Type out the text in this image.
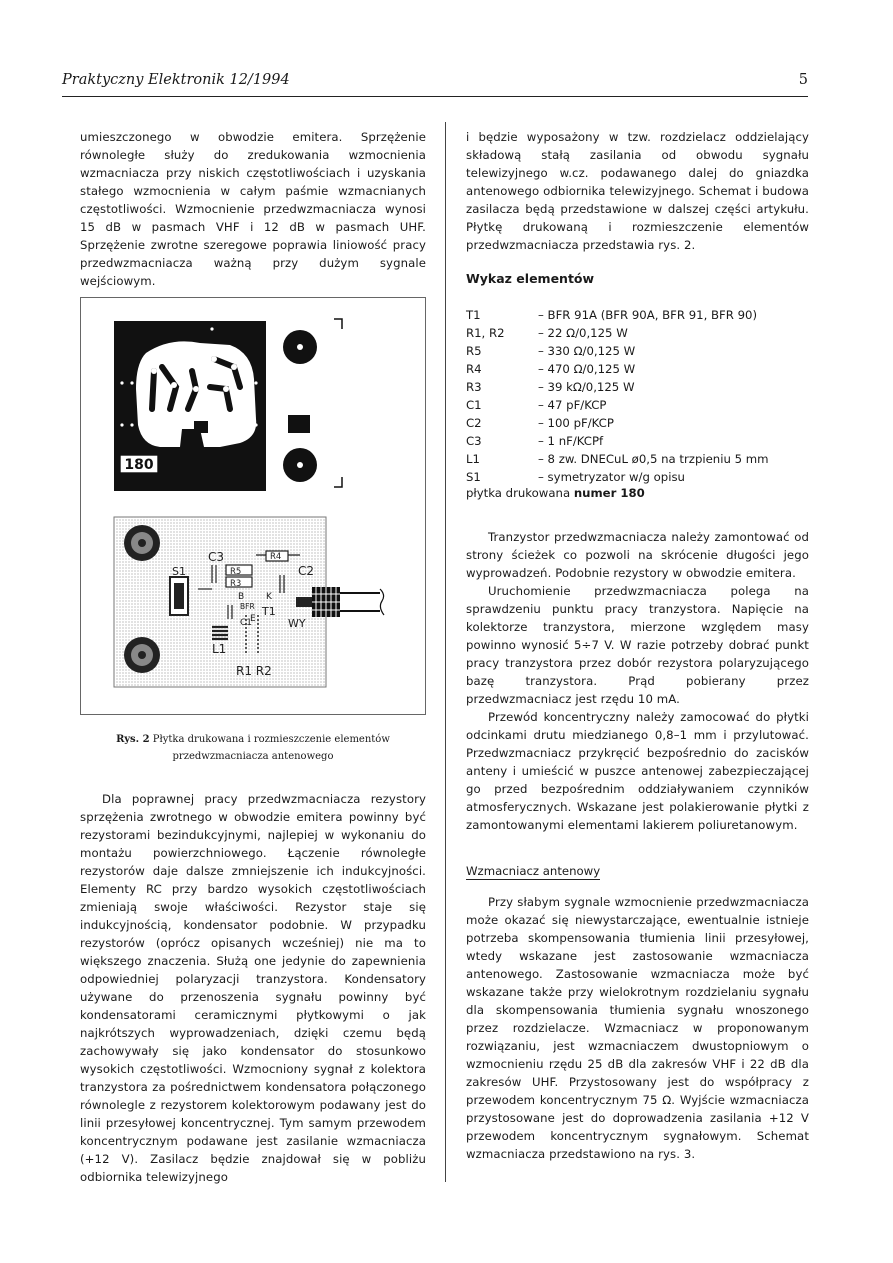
Praktyczny Elektronik 12/1994	5

umieszczonego w obwodzie emitera. Sprzężenie równoległe służy do zredukowania wzmocnienia wzmacniacza przy niskich częstotliwościach i uzyskania stałego wzmocnienia w całym paśmie wzmacnianych częstotliwości. Wzmocnienie przedwzmacniacza wynosi 15 dB w pasmach VHF i 12 dB w pasmach UHF. Sprzężenie zwrotne szeregowe poprawia liniowość pracy przedwzmacniacza ważną przy dużym sygnale wejściowym.

180
C3	R4
R5
R3
C2
S1
B K
BFR T1
E
C1	WY
L1
R1 R2
Rys. 2 Płytka drukowana i rozmieszczenie elementów przedwzmacniacza antenowego

Dla poprawnej pracy przedwzmacniacza rezystory sprzężenia zwrotnego w obwodzie emitera powinny być rezystorami bezindukcyjnymi, najlepiej w wykonaniu do montażu powierzchniowego. Łączenie równoległe rezystorów daje dalsze zmniejszenie ich indukcyjności. Elementy RC przy bardzo wysokich częstotliwościach zmieniają swoje właściwości. Rezystor staje się indukcyjnością, kondensator podobnie. W przypadku rezystorów (oprócz opisanych wcześniej) nie ma to większego znaczenia. Służą one jedynie do zapewnienia odpowiedniej polaryzacji tranzystora. Kondensatory używane do przenoszenia sygnału powinny być kondensatorami ceramicznymi płytkowymi o jak najkrótszych wyprowadzeniach, dzięki czemu będą zachowywały się jako kondensator do stosunkowo wysokich częstotliwości. Wzmocniony sygnał z kolektora tranzystora za pośrednictwem kondensatora połączonego równolegle z rezystorem kolektorowym podawany jest do linii przesyłowej koncentrycznej. Tym samym przewodem koncentrycznym podawane jest zasilanie wzmacniacza (+12 V). Zasilacz będzie znajdował się w pobliżu odbiornika telewizyjnego

i będzie wyposażony w tzw. rozdzielacz oddzielający składową stałą zasilania od obwodu sygnału telewizyjnego w.cz. podawanego dalej do gniazdka antenowego odbiornika telewizyjnego. Schemat i budowa zasilacza będą przedstawione w dalszej części artykułu. Płytkę drukowaną i rozmieszczenie elementów przedwzmacniacza przedstawia rys. 2.

Wykaz elementów
T1	– BFR 91A (BFR 90A, BFR 91, BFR 90)
R1, R2	– 22 Ω/0,125 W
R5	– 330 Ω/0,125 W
R4	– 470 Ω/0,125 W
R3	– 39 kΩ/0,125 W
C1	– 47 pF/KCP
C2	– 100 pF/KCP
C3	– 1 nF/KCPf
L1	– 8 zw. DNECuL ø0,5 na trzpieniu 5 mm
S1	– symetryzator w/g opisu
płytka drukowana numer 180

Tranzystor przedwzmacniacza należy zamontować od strony ścieżek co pozwoli na skrócenie długości jego wyprowadzeń. Podobnie rezystory w obwodzie emitera.

Uruchomienie przedwzmacniacza polega na sprawdzeniu punktu pracy tranzystora. Napięcie na kolektorze tranzystora, mierzone względem masy powinno wynosić 5÷7 V. W razie potrzeby dobrać punkt pracy tranzystora przez dobór rezystora polaryzującego bazę tranzystora. Prąd pobierany przez przedwzmacniacz jest rzędu 10 mA.

Przewód koncentryczny należy zamocować do płytki odcinkami drutu miedzianego 0,8–1 mm i przylutować. Przedwzmacniacz przykręcić bezpośrednio do zacisków anteny i umieścić w puszce antenowej zabezpieczającej go przed bezpośrednim oddziaływaniem czynników atmosferycznych. Wskazane jest polakierowanie płytki z zamontowanymi elementami lakierem poliuretanowym.

Wzmacniacz antenowy

Przy słabym sygnale wzmocnienie przedwzmacniacza może okazać się niewystarczające, ewentualnie istnieje potrzeba skompensowania tłumienia linii przesyłowej, wtedy wskazane jest zastosowanie wzmacniacza antenowego. Zastosowanie wzmacniacza może być wskazane także przy wielokrotnym rozdzielaniu sygnału dla skompensowania tłumienia sygnału wnoszonego przez rozdzielacze. Wzmacniacz w proponowanym rozwiązaniu, jest wzmacniaczem dwustopniowym o wzmocnieniu rzędu 25 dB dla zakresów VHF i 22 dB dla zakresów UHF. Przystosowany jest do współpracy z przewodem koncentrycznym 75 Ω. Wyjście wzmacniacza przystosowane jest do doprowadzenia zasilania +12 V przewodem koncentrycznym sygnałowym. Schemat wzmacniacza przedstawiono na rys. 3.
